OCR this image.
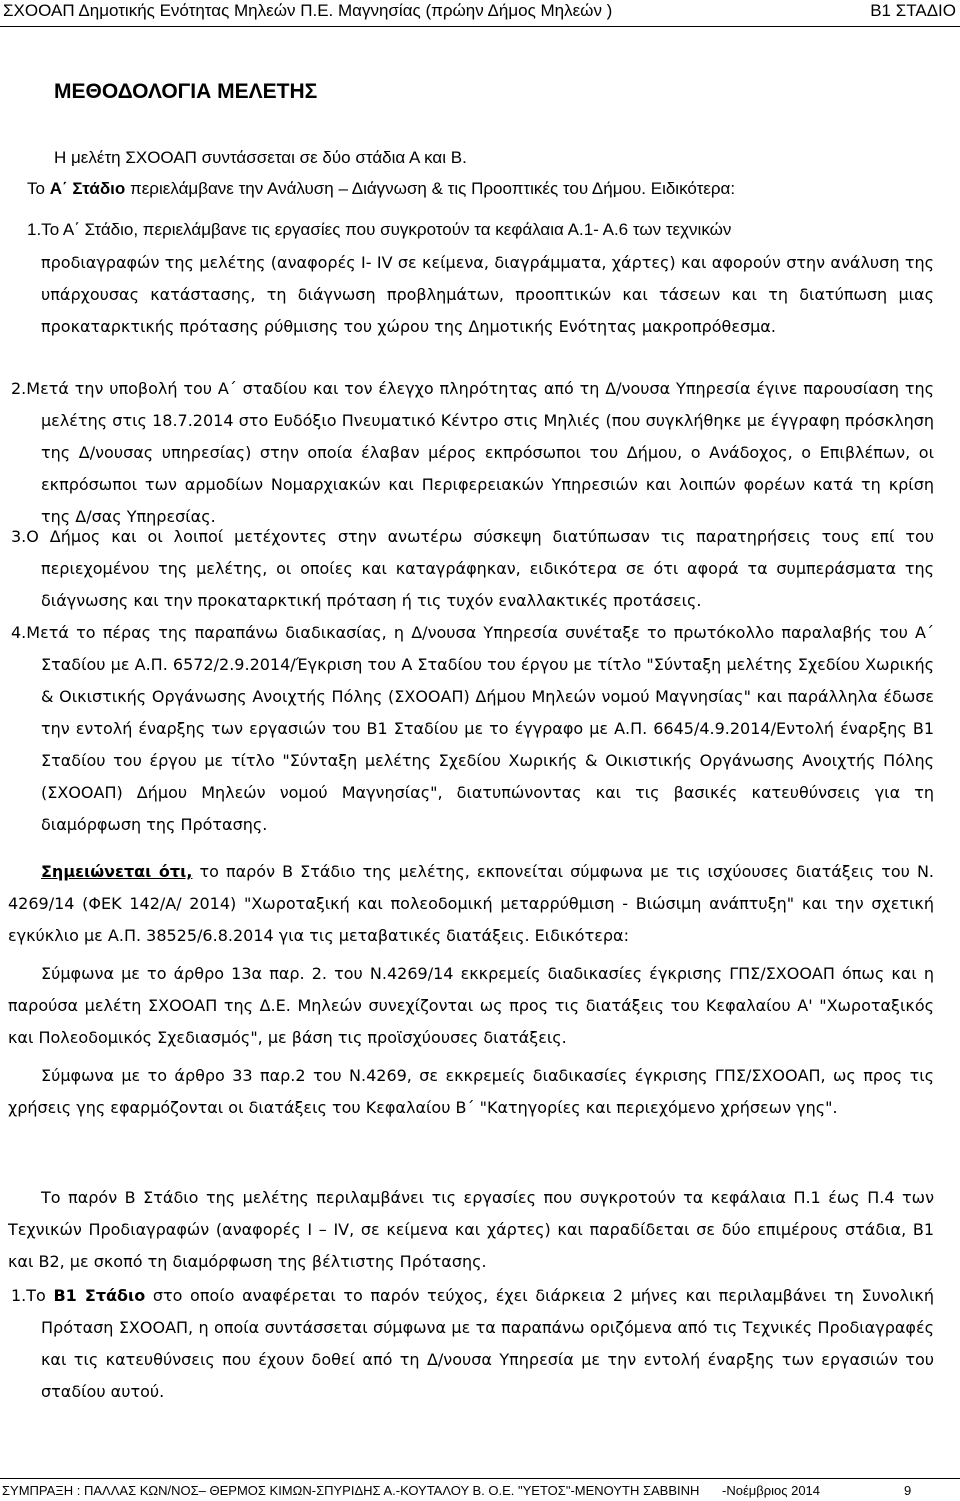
ΣΧΟΟΑΠ Δημοτικής Ενότητας Μηλεών Π.Ε. Μαγνησίας (πρώην Δήμος Μηλεών )	Β1 ΣΤΑΔΙΟ
ΜΕΘΟΔΟΛΟΓΙΑ ΜΕΛΕΤΗΣ
Η μελέτη ΣΧΟΟΑΠ συντάσσεται σε δύο στάδια Α και Β.
Το Α΄ Στάδιο περιελάμβανε την Ανάλυση – Διάγνωση & τις Προοπτικές του Δήμου. Ειδικότερα:
1.Το Α΄ Στάδιο, περιελάμβανε τις εργασίες που συγκροτούν τα κεφάλαια Α.1- Α.6 των τεχνικών

προδιαγραφών της μελέτης (αναφορές Ι- ΙV σε κείμενα, διαγράμματα, χάρτες) και αφορούν στην ανάλυση της υπάρχουσας κατάστασης, τη διάγνωση προβλημάτων, προοπτικών και τάσεων και τη διατύπωση μιας προκαταρκτικής πρότασης ρύθμισης του χώρου της Δημοτικής Ενότητας μακροπρόθεσμα.

2.Μετά την υποβολή του Α΄ σταδίου και τον έλεγχο πληρότητας από τη Δ/νουσα Υπηρεσία έγινε παρουσίαση της μελέτης στις 18.7.2014 στο Ευδόξιο Πνευματικό Κέντρο στις Μηλιές (που συγκλήθηκε με έγγραφη πρόσκληση της Δ/νουσας υπηρεσίας) στην οποία έλαβαν μέρος εκπρόσωποι του Δήμου, ο Ανάδοχος, ο Επιβλέπων, οι εκπρόσωποι των αρμοδίων Νομαρχιακών και Περιφερειακών Υπηρεσιών και λοιπών φορέων κατά τη κρίση της Δ/σας Υπηρεσίας.

3.Ο Δήμος και οι λοιποί μετέχοντες στην ανωτέρω σύσκεψη διατύπωσαν τις παρατηρήσεις τους επί του περιεχομένου της μελέτης, οι οποίες και καταγράφηκαν, ειδικότερα σε ότι αφορά τα συμπεράσματα της διάγνωσης και την προκαταρκτική πρόταση ή τις τυχόν εναλλακτικές προτάσεις.

4.Μετά το πέρας της παραπάνω διαδικασίας, η Δ/νουσα Υπηρεσία συνέταξε το πρωτόκολλο παραλαβής του Α΄ Σταδίου με Α.Π. 6572/2.9.2014/Έγκριση του Α Σταδίου του έργου με τίτλο "Σύνταξη μελέτης Σχεδίου Χωρικής & Οικιστικής Οργάνωσης Ανοιχτής Πόλης (ΣΧΟΟΑΠ) Δήμου Μηλεών νομού Μαγνησίας" και παράλληλα έδωσε την εντολή έναρξης των εργασιών του Β1 Σταδίου με το έγγραφο με Α.Π. 6645/4.9.2014/Εντολή έναρξης Β1 Σταδίου του έργου με τίτλο "Σύνταξη μελέτης Σχεδίου Χωρικής & Οικιστικής Οργάνωσης Ανοιχτής Πόλης (ΣΧΟΟΑΠ) Δήμου Μηλεών νομού Μαγνησίας", διατυπώνοντας και τις βασικές κατευθύνσεις για τη διαμόρφωση της Πρότασης.

Σημειώνεται ότι, το παρόν Β Στάδιο της μελέτης, εκπονείται σύμφωνα με τις ισχύουσες διατάξεις του Ν. 4269/14 (ΦΕΚ 142/Α/ 2014) "Χωροταξική και πολεοδομική μεταρρύθμιση - Βιώσιμη ανάπτυξη" και την σχετική εγκύκλιο με Α.Π. 38525/6.8.2014 για τις μεταβατικές διατάξεις. Ειδικότερα:

Σύμφωνα με το άρθρο 13α παρ. 2. του Ν.4269/14 εκκρεμείς διαδικασίες έγκρισης ΓΠΣ/ΣΧΟΟΑΠ όπως και η παρούσα μελέτη ΣΧΟΟΑΠ της Δ.Ε. Μηλεών συνεχίζονται ως προς τις διατάξεις του Κεφαλαίου Α' "Χωροταξικός και Πολεοδομικός Σχεδιασμός", με βάση τις προϊσχύουσες διατάξεις.

Σύμφωνα με το άρθρο 33 παρ.2 του Ν.4269, σε εκκρεμείς διαδικασίες έγκρισης ΓΠΣ/ΣΧΟΟΑΠ, ως προς τις χρήσεις γης εφαρμόζονται οι διατάξεις του Κεφαλαίου Β΄ "Κατηγορίες και περιεχόμενο χρήσεων γης".

Το παρόν Β Στάδιο της μελέτης περιλαμβάνει τις εργασίες που συγκροτούν τα κεφάλαια Π.1 έως Π.4 των Τεχνικών Προδιαγραφών (αναφορές Ι – ΙV, σε κείμενα και χάρτες) και παραδίδεται σε δύο επιμέρους στάδια, Β1 και Β2, με σκοπό τη διαμόρφωση της βέλτιστης Πρότασης.

1.Το Β1 Στάδιο στο οποίο αναφέρεται το παρόν τεύχος, έχει διάρκεια 2 μήνες και περιλαμβάνει τη Συνολική Πρόταση ΣΧΟΟΑΠ, η οποία συντάσσεται σύμφωνα με τα παραπάνω οριζόμενα από τις Τεχνικές Προδιαγραφές και τις κατευθύνσεις που έχουν δοθεί από τη Δ/νουσα Υπηρεσία με την εντολή έναρξης των εργασιών του σταδίου αυτού.

ΣΥΜΠΡΑΞΗ : ΠΑΛΛΑΣ ΚΩΝ/ΝΟΣ– ΘΕΡΜΟΣ ΚΙΜΩΝ-ΣΠΥΡΙΔΗΣ Α.-ΚΟΥΤΑΛΟΥ Β. Ο.Ε. "ΥΕΤΟΣ"-ΜΕΝΟΥΤΗ ΣΑΒΒΙΝΗ -Νοέμβριος 2014	9
